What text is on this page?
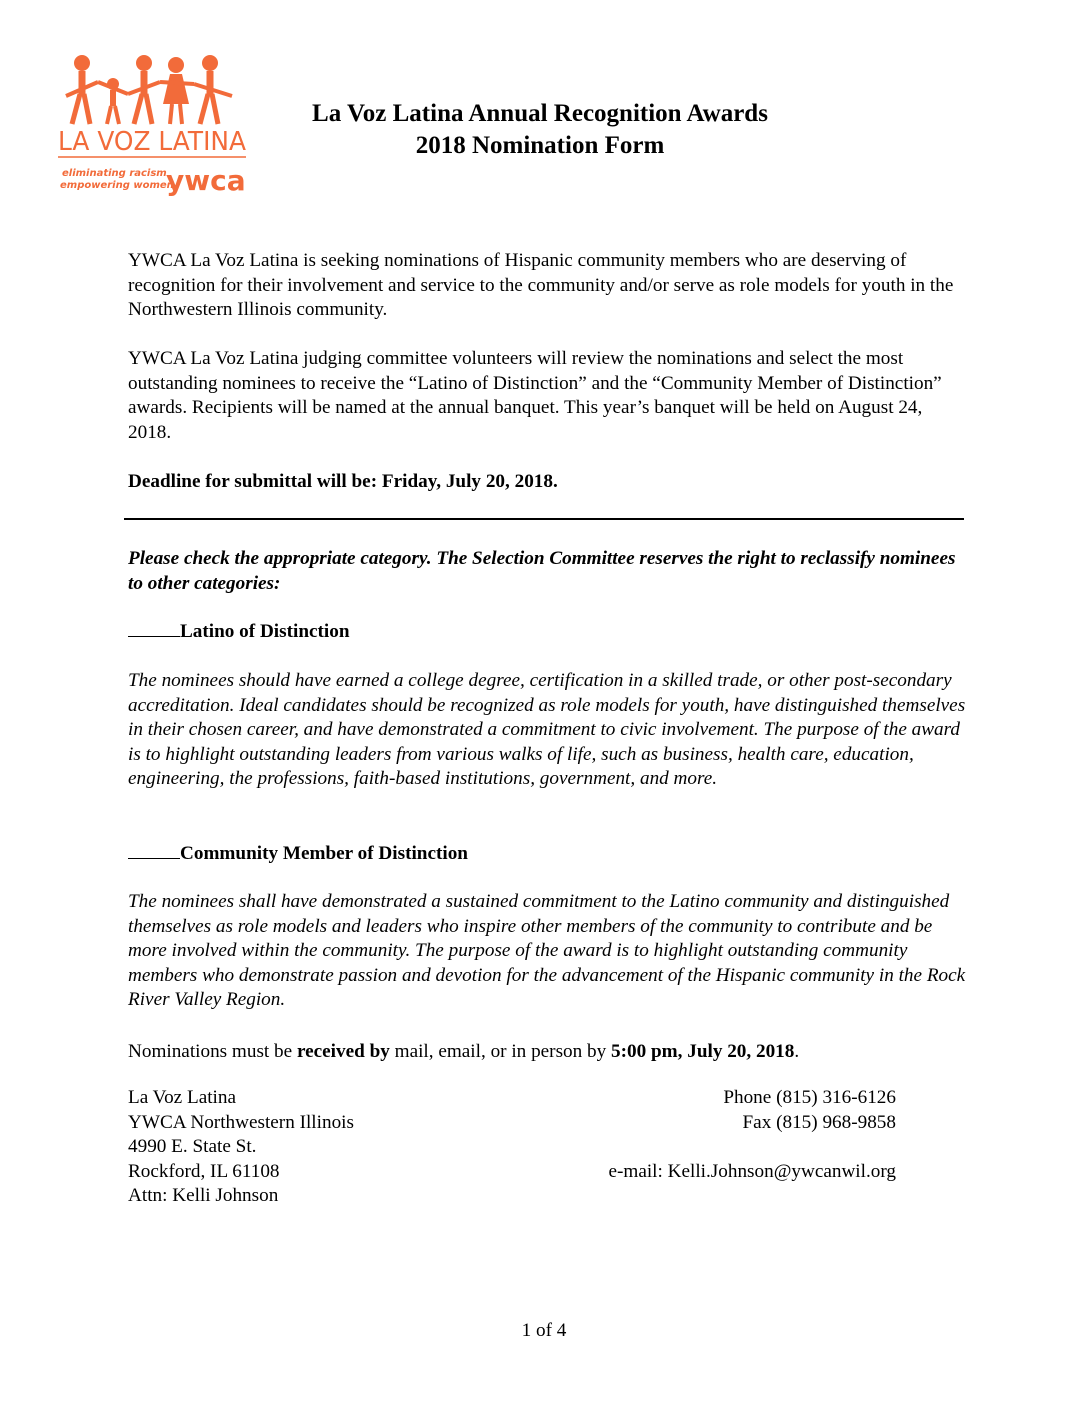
LA VOZ LATINA
eliminating racism
empowering women
ywca
La Voz Latina Annual Recognition Awards
2018 Nomination Form

YWCA La Voz Latina is seeking nominations of Hispanic community members who are deserving of recognition for their involvement and service to the community and/or serve as role models for youth in the Northwestern Illinois community.

YWCA La Voz Latina judging committee volunteers will review the nominations and select the most outstanding nominees to receive the “Latino of Distinction” and the “Community Member of Distinction” awards. Recipients will be named at the annual banquet. This year’s banquet will be held on August 24, 2018.

Deadline for submittal will be: Friday, July 20, 2018.

Please check the appropriate category. The Selection Committee reserves the right to reclassify nominees to other categories:

Latino of Distinction

The nominees should have earned a college degree, certification in a skilled trade, or other post-secondary accreditation. Ideal candidates should be recognized as role models for youth, have distinguished themselves in their chosen career, and have demonstrated a commitment to civic involvement. The purpose of the award is to highlight outstanding leaders from various walks of life, such as business, health care, education, engineering, the professions, faith-based institutions, government, and more.

Community Member of Distinction

The nominees shall have demonstrated a sustained commitment to the Latino community and distinguished themselves as role models and leaders who inspire other members of the community to contribute and be more involved within the community. The purpose of the award is to highlight outstanding community members who demonstrate passion and devotion for the advancement of the Hispanic community in the Rock River Valley Region.

Nominations must be received by mail, email, or in person by 5:00 pm, July 20, 2018.

La Voz Latina
YWCA Northwestern Illinois
4990 E. State St.
Rockford, IL 61108
Attn: Kelli Johnson
Phone (815) 316-6126
Fax (815) 968-9858
e-mail: Kelli.Johnson@ywcanwil.org
1 of 4
